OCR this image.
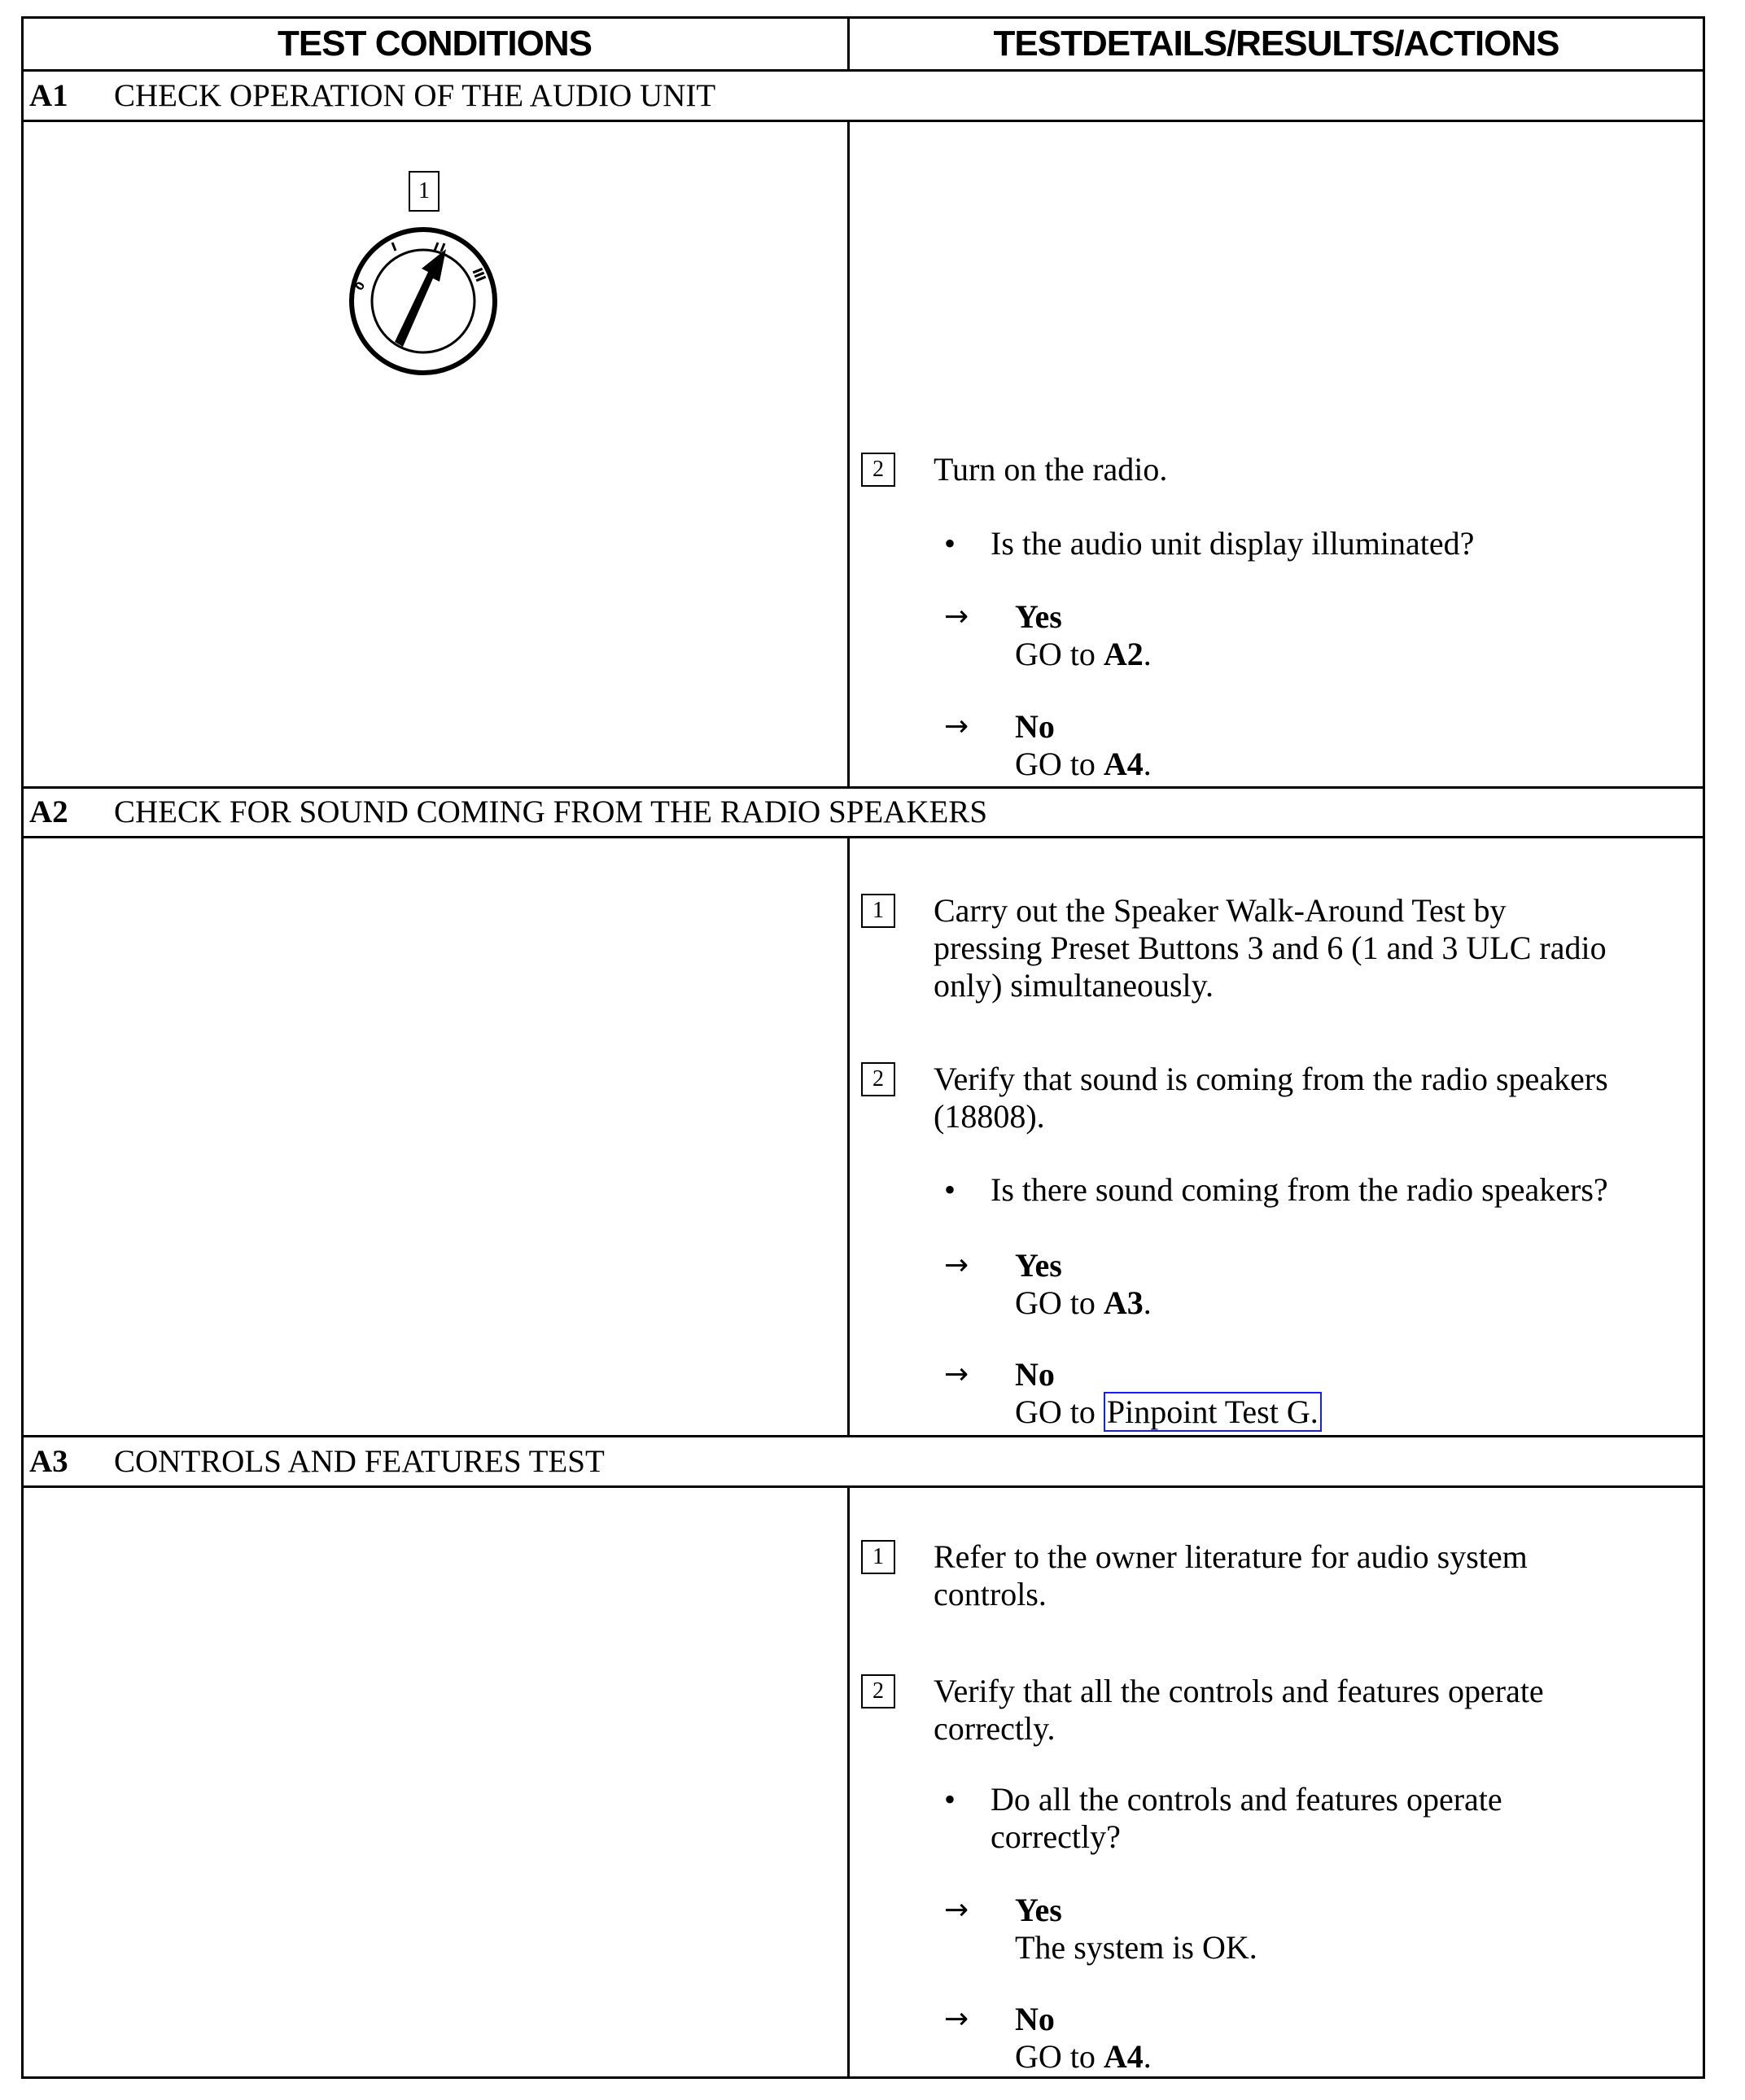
TEST CONDITIONS	TESTDETAILS/RESULTS/ACTIONS
A1 CHECK OPERATION OF THE AUDIO UNIT
1
0
III
2	Turn on the radio.
• Is the audio unit display illuminated?
→ Yes
GO to A2.
→ No
GO to A4.
A2 CHECK FOR SOUND COMING FROM THE RADIO SPEAKERS
1	Carry out the Speaker Walk-Around Test by
pressing Preset Buttons 3 and 6 (1 and 3 ULC radio
only) simultaneously.
2	Verify that sound is coming from the radio speakers
(18808).
• Is there sound coming from the radio speakers?
→ Yes
GO to A3.
→ No
GO to Pinpoint Test G.
A3 CONTROLS AND FEATURES TEST
1	Refer to the owner literature for audio system
controls.
2	Verify that all the controls and features operate
correctly.
• Do all the controls and features operate
correctly?
→ Yes
The system is OK.
→ No
GO to A4.
